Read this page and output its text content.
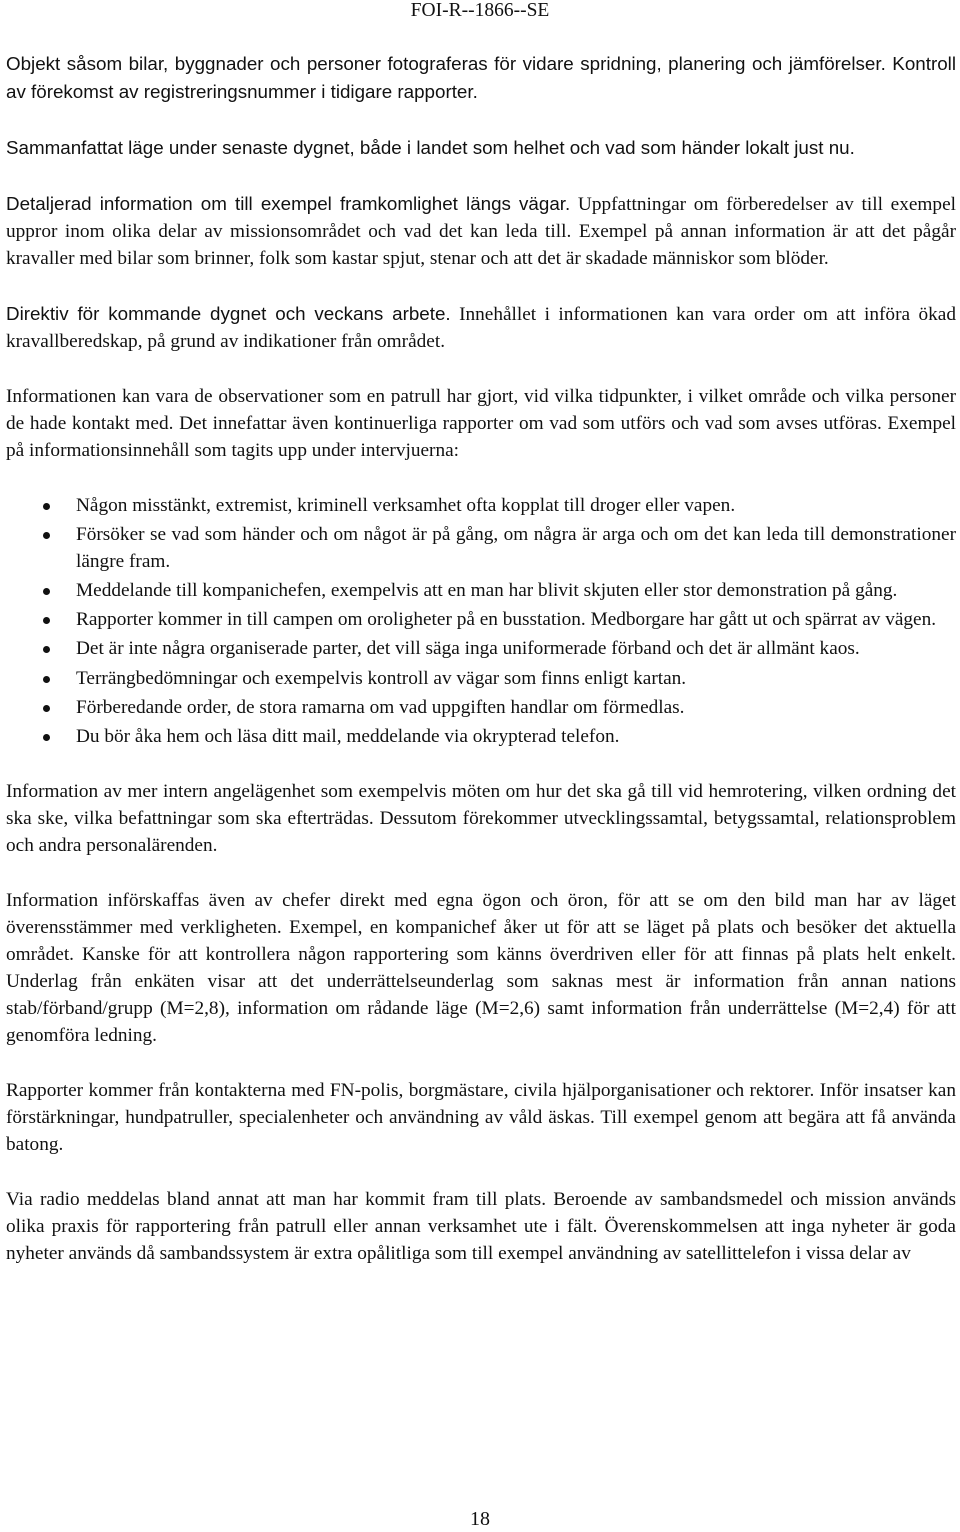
FOI-R--1866--SE

Objekt såsom bilar, byggnader och personer fotograferas för vidare spridning, planering och jämförelser. Kontroll av förekomst av registreringsnummer i tidigare rapporter.

Sammanfattat läge under senaste dygnet, både i landet som helhet och vad som händer lokalt just nu.

Detaljerad information om till exempel framkomlighet längs vägar. Uppfattningar om förberedelser av till exempel uppror inom olika delar av missionsområdet och vad det kan leda till. Exempel på annan information är att det pågår kravaller med bilar som brinner, folk som kastar spjut, stenar och att det är skadade människor som blöder.

Direktiv för kommande dygnet och veckans arbete. Innehållet i informationen kan vara order om att införa ökad kravallberedskap, på grund av indikationer från området.

Informationen kan vara de observationer som en patrull har gjort, vid vilka tidpunkter, i vilket område och vilka personer de hade kontakt med. Det innefattar även kontinuerliga rapporter om vad som utförs och vad som avses utföras. Exempel på informationsinnehåll som tagits upp under intervjuerna:

Någon misstänkt, extremist, kriminell verksamhet ofta kopplat till droger eller vapen.
Försöker se vad som händer och om något är på gång, om några är arga och om det kan leda till demonstrationer längre fram.
Meddelande till kompanichefen, exempelvis att en man har blivit skjuten eller stor demonstration på gång.
Rapporter kommer in till campen om oroligheter på en busstation. Medborgare har gått ut och spärrat av vägen.
Det är inte några organiserade parter, det vill säga inga uniformerade förband och det är allmänt kaos.
Terrängbedömningar och exempelvis kontroll av vägar som finns enligt kartan.
Förberedande order, de stora ramarna om vad uppgiften handlar om förmedlas.
Du bör åka hem och läsa ditt mail, meddelande via okrypterad telefon.

Information av mer intern angelägenhet som exempelvis möten om hur det ska gå till vid hemrotering, vilken ordning det ska ske, vilka befattningar som ska efterträdas. Dessutom förekommer utvecklingssamtal, betygssamtal, relationsproblem och andra personalärenden.

Information införskaffas även av chefer direkt med egna ögon och öron, för att se om den bild man har av läget överensstämmer med verkligheten. Exempel, en kompanichef åker ut för att se läget på plats och besöker det aktuella området. Kanske för att kontrollera någon rapportering som känns överdriven eller för att finnas på plats helt enkelt. Underlag från enkäten visar att det underrättelseunderlag som saknas mest är information från annan nations stab/förband/grupp (M=2,8), information om rådande läge (M=2,6) samt information från underrättelse (M=2,4) för att genomföra ledning.

Rapporter kommer från kontakterna med FN-polis, borgmästare, civila hjälporganisationer och rektorer. Inför insatser kan förstärkningar, hundpatruller, specialenheter och användning av våld äskas. Till exempel genom att begära att få använda batong.

Via radio meddelas bland annat att man har kommit fram till plats. Beroende av sambandsmedel och mission används olika praxis för rapportering från patrull eller annan verksamhet ute i fält. Överenskommelsen att inga nyheter är goda nyheter används då sambandssystem är extra opålitliga som till exempel användning av satellittelefon i vissa delar av

18
